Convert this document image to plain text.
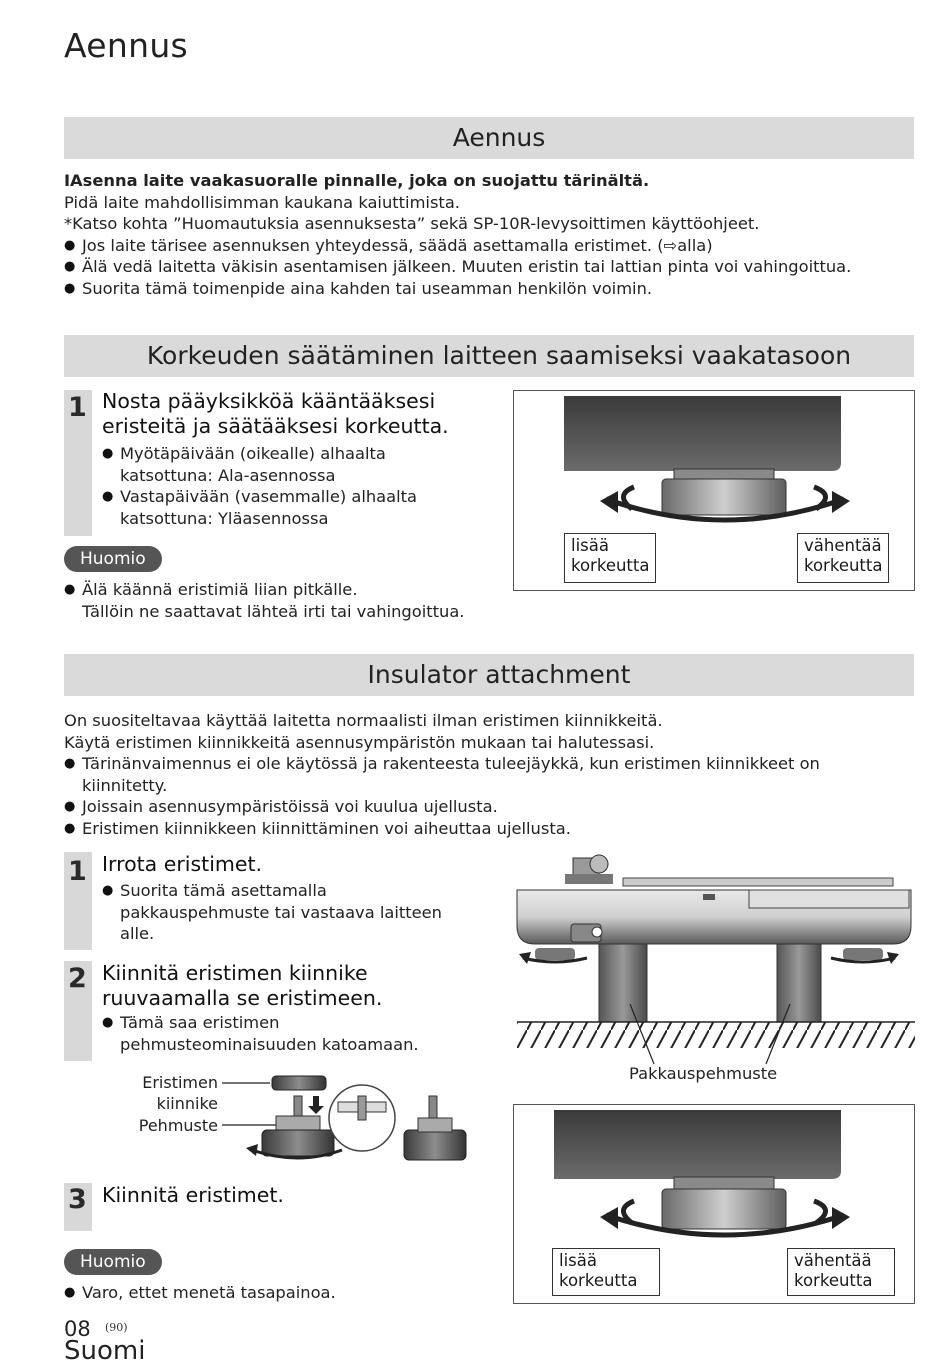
Aennus
Aennus
IAsenna laite vaakasuoralle pinnalle, joka on suojattu tärinältä.
Pidä laite mahdollisimman kaukana kaiuttimista.
*Katso kohta ”Huomautuksia asennuksesta” sekä SP-10R-levysoittimen käyttöohjeet.
● Jos laite tärisee asennuksen yhteydessä, säädä asettamalla eristimet. (⇨alla)
● Älä vedä laitetta väkisin asentamisen jälkeen. Muuten eristin tai lattian pinta voi vahingoittua.
● Suorita tämä toimenpide aina kahden tai useamman henkilön voimin.
Korkeuden säätäminen laitteen saamiseksi vaakatasoon
1 Nosta pääyksikköä kääntääksesi
eristeitä ja säätääksesi korkeutta.
● Myötäpäivään (oikealle) alhaalta
katsottuna: Ala-asennossa
● Vastapäivään (vasemmalle) alhaalta
katsottuna: Yläasennossa
Huomio
● Älä käännä eristimiä liian pitkälle.
Tällöin ne saattavat lähteä irti tai vahingoittua.
lisää
korkeutta
vähentää
korkeutta
Insulator attachment
On suositeltavaa käyttää laitetta normaalisti ilman eristimen kiinnikkeitä.
Käytä eristimen kiinnikkeitä asennusympäristön mukaan tai halutessasi.
● Tärinänvaimennus ei ole käytössä ja rakenteesta tuleejäykkä, kun eristimen kiinnikkeet on
kiinnitetty.
● Joissain asennusympäristöissä voi kuulua ujellusta.
● Eristimen kiinnikkeen kiinnittäminen voi aiheuttaa ujellusta.
1 Irrota eristimet.
● Suorita tämä asettamalla
pakkauspehmuste tai vastaava laitteen
alle.
2 Kiinnitä eristimen kiinnike
ruuvaamalla se eristimeen.
● Tämä saa eristimen
pehmusteominaisuuden katoamaan.
Eristimen
kiinnike
Pehmuste
3 Kiinnitä eristimet.
Huomio
● Varo, ettet menetä tasapainoa.
Pakkauspehmuste
lisää
korkeutta
vähentää
korkeutta
08 (90)
Suomi
